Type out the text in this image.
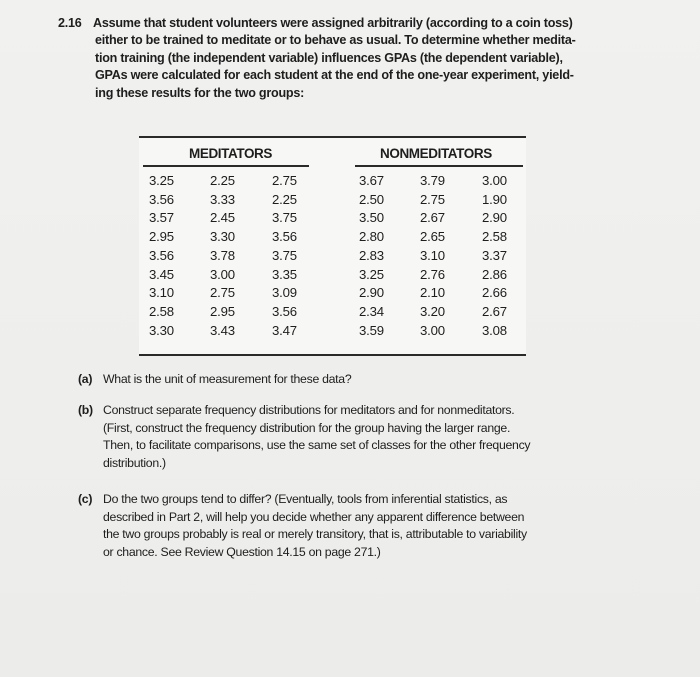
2.16 Assume that student volunteers were assigned arbitrarily (according to a coin toss)
either to be trained to meditate or to behave as usual. To determine whether medita-
tion training (the independent variable) influences GPAs (the dependent variable),
GPAs were calculated for each student at the end of the one-year experiment, yield-
ing these results for the two groups:
MEDITATORS	NONMEDITATORS
3.25
3.56
3.57
2.95
3.56
3.45
3.10
2.58
3.30
2.25
3.33
2.45
3.30
3.78
3.00
2.75
2.95
3.43
2.75
2.25
3.75
3.56
3.75
3.35
3.09
3.56
3.47
3.67
2.50
3.50
2.80
2.83
3.25
2.90
2.34
3.59
3.79
2.75
2.67
2.65
3.10
2.76
2.10
3.20
3.00
3.00
1.90
2.90
2.58
3.37
2.86
2.66
2.67
3.08
(a) What is the unit of measurement for these data?
(b) Construct separate frequency distributions for meditators and for nonmeditators.
(First, construct the frequency distribution for the group having the larger range.
Then, to facilitate comparisons, use the same set of classes for the other frequency
distribution.)
(c) Do the two groups tend to differ? (Eventually, tools from inferential statistics, as
described in Part 2, will help you decide whether any apparent difference between
the two groups probably is real or merely transitory, that is, attributable to variability
or chance. See Review Question 14.15 on page 271.)
